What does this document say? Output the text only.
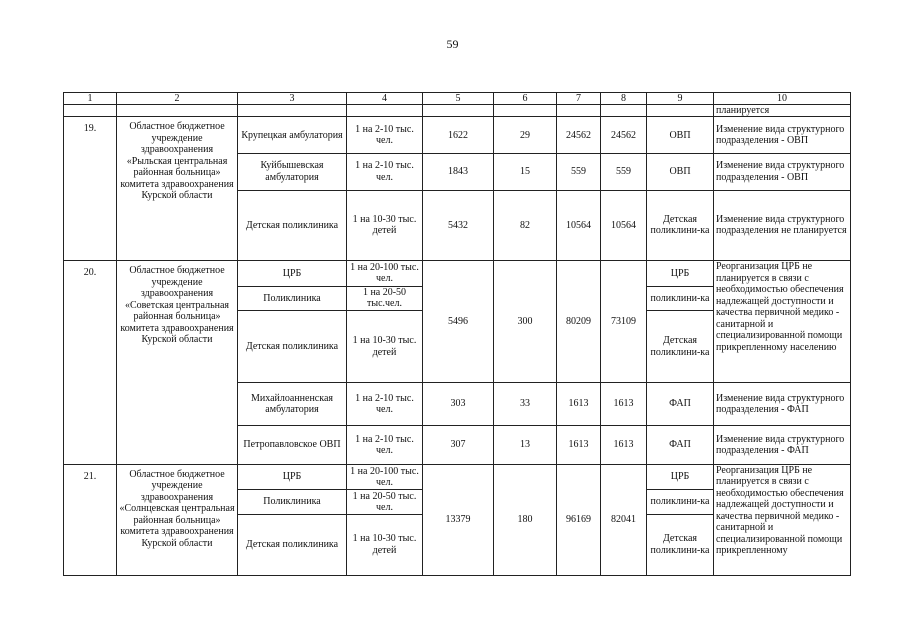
59
1	2	3	4	5	6	7	8	9	10
									планируется

19.	Областное бюджетное учреждение здравоохранения «Рыльская центральная районная больница» комитета здравоохранения Курской области	Крупецкая амбулатория	1 на 2-10 тыс. чел.	1622	29	24562	24562	ОВП	Изменение вида структурного подразделения - ОВП
		Куйбышевская амбулатория	1 на 2-10 тыс. чел.	1843	15	559	559	ОВП	Изменение вида структурного подразделения - ОВП
		Детская поликлиника	1 на 10-30 тыс. детей	5432	82	10564	10564	Детская поликлини-ка	Изменение вида структурного подразделения не планируется

20.	Областное бюджетное учреждение здравоохранения «Советская центральная районная больница» комитета здравоохранения Курской области	ЦРБ	1 на 20-100 тыс. чел.	5496	300	80209	73109	ЦРБ	Реорганизация ЦРБ не планируется в связи с необходимостью обеспечения надлежащей доступности и качества первичной медико - санитарной и специализированной помощи прикрепленному населению
		Поликлиника	1 на 20-50 тыс.чел.					поликлини-ка	
		Детская поликлиника	1 на 10-30 тыс. детей					Детская поликлини-ка	
		Михайлоанненская амбулатория	1 на 2-10 тыс. чел.	303	33	1613	1613	ФАП	Изменение вида структурного подразделения - ФАП
		Петропавловское ОВП	1 на 2-10 тыс. чел.	307	13	1613	1613	ФАП	Изменение вида структурного подразделения - ФАП

21.	Областное бюджетное учреждение здравоохранения «Солнцевская центральная районная больница» комитета здравоохранения Курской области	ЦРБ	1 на 20-100 тыс. чел.	13379	180	96169	82041	ЦРБ	Реорганизация ЦРБ не планируется в связи с необходимостью обеспечения надлежащей доступности и качества первичной медико - санитарной и специализированной помощи прикрепленному
		Поликлиника	1 на 20-50 тыс. чел.					поликлини-ка	
		Детская поликлиника	1 на 10-30 тыс. детей					Детская поликлини-ка	
